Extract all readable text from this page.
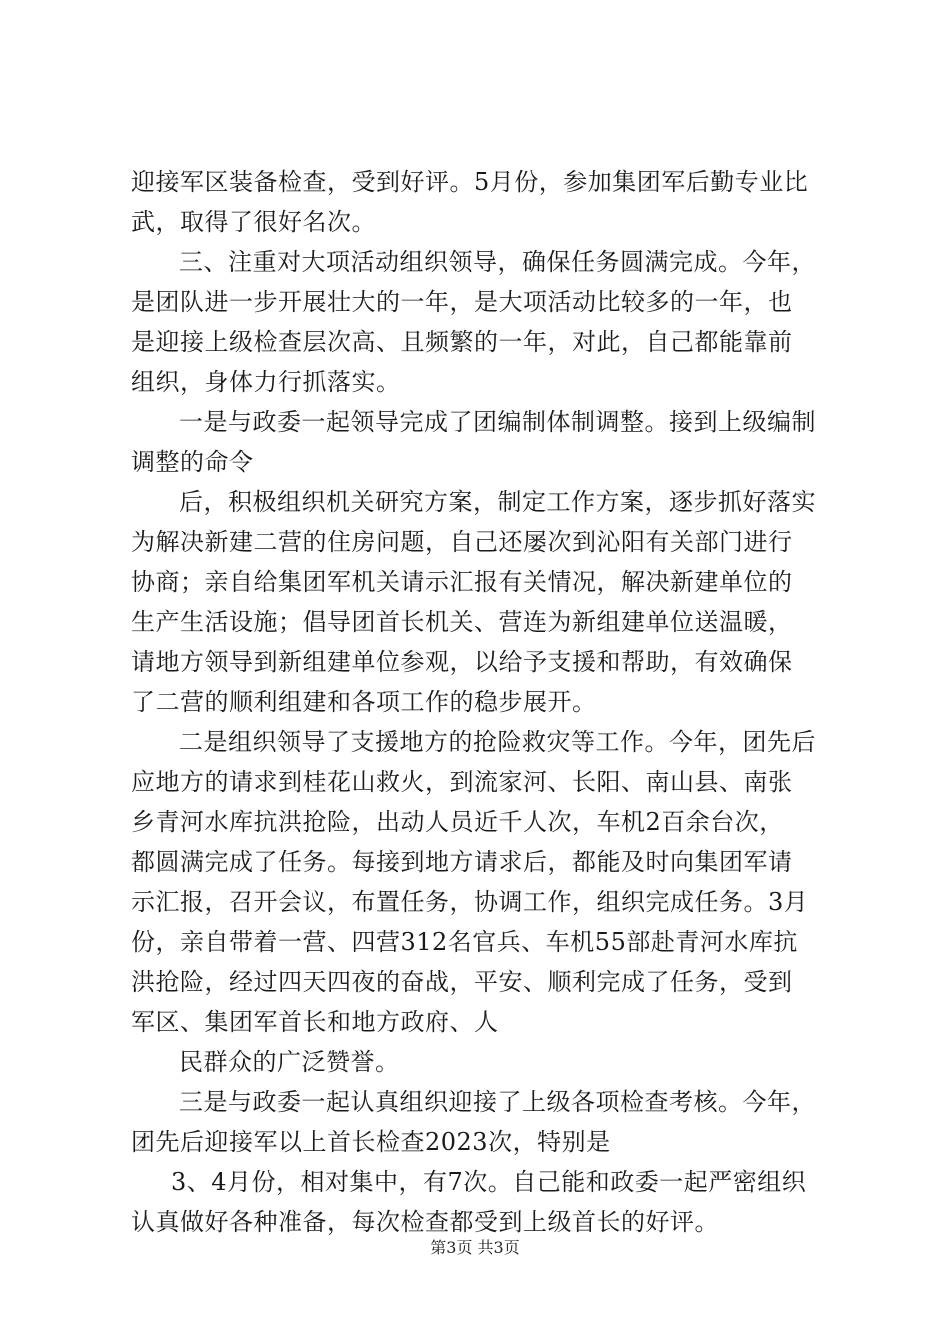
迎接军区装备检查，受到好评。5月份，参加集团军后勤专业比
武，取得了很好名次。
三、注重对大项活动组织领导，确保任务圆满完成。今年，
是团队进一步开展壮大的一年，是大项活动比较多的一年，也
是迎接上级检查层次高、且频繁的一年，对此，自己都能靠前
组织，身体力行抓落实。
一是与政委一起领导完成了团编制体制调整。接到上级编制
调整的命令
后，积极组织机关研究方案，制定工作方案，逐步抓好落实
为解决新建二营的住房问题，自己还屡次到沁阳有关部门进行
协商；亲自给集团军机关请示汇报有关情况，解决新建单位的
生产生活设施；倡导团首长机关、营连为新组建单位送温暖，
请地方领导到新组建单位参观，以给予支援和帮助，有效确保
了二营的顺利组建和各项工作的稳步展开。
二是组织领导了支援地方的抢险救灾等工作。今年，团先后
应地方的请求到桂花山救火，到流家河、长阳、南山县、南张
乡青河水库抗洪抢险，出动人员近千人次，车机2百余台次，
都圆满完成了任务。每接到地方请求后，都能及时向集团军请
示汇报，召开会议，布置任务，协调工作，组织完成任务。3月
份，亲自带着一营、四营312名官兵、车机55部赴青河水库抗
洪抢险，经过四天四夜的奋战，平安、顺利完成了任务，受到
军区、集团军首长和地方政府、人
民群众的广泛赞誉。
三是与政委一起认真组织迎接了上级各项检查考核。今年，
团先后迎接军以上首长检查2023次，特别是
3、4月份，相对集中，有7次。自己能和政委一起严密组织
认真做好各种准备，每次检查都受到上级首长的好评。
第3页 共3页
